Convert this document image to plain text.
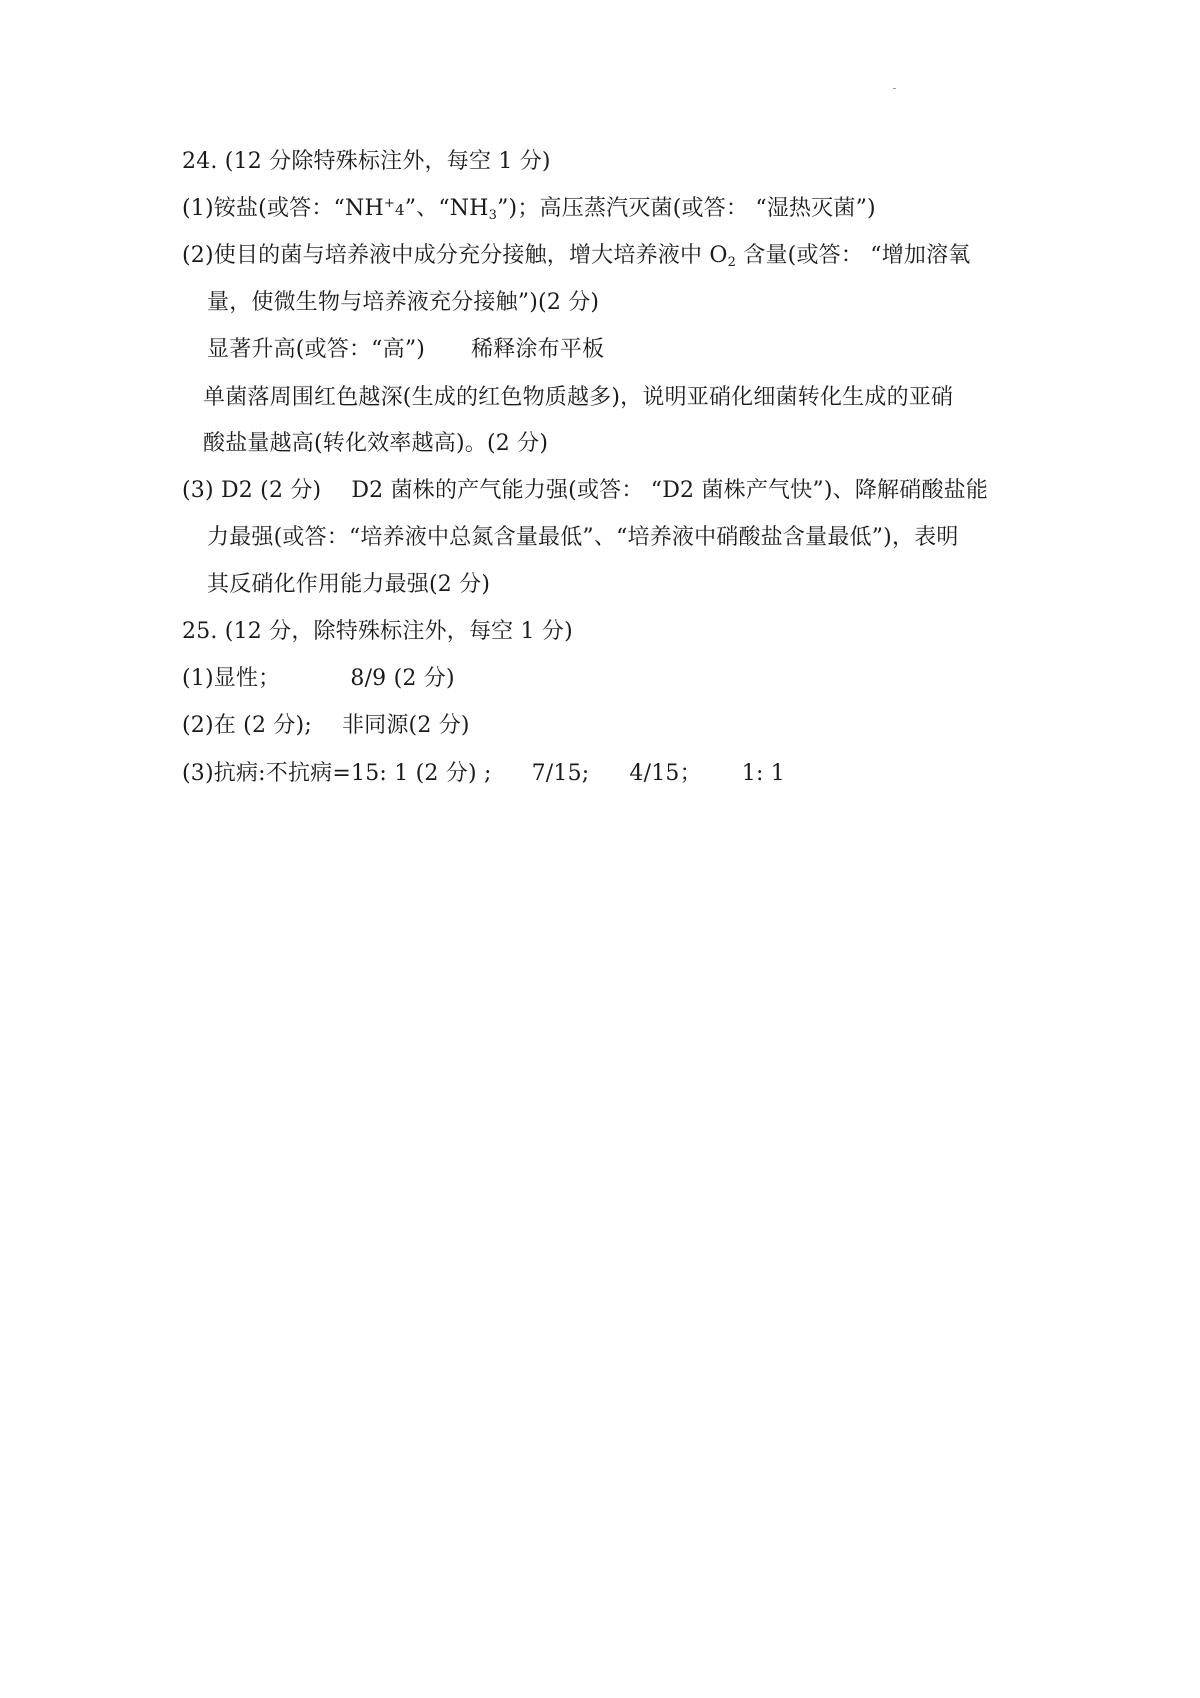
24. (12 分除特殊标注外，每空 1 分)
(1)铵盐(或答：“NH+4”、“$NH_3$”)；高压蒸汽灭菌(或答： “湿热灭菌”)
(2)使目的菌与培养液中成分充分接触，增大培养液中 $O_2$ 含量(或答： “增加溶氧
量，使微生物与培养液充分接触”)(2 分)
显著升高(或答：“高”) 稀释涂布平板
单菌落周围红色越深(生成的红色物质越多)，说明亚硝化细菌转化生成的亚硝
酸盐量越高(转化效率越高)。(2 分)
(3) D2 (2 分) D2 菌株的产气能力强(或答： “D2 菌株产气快”)、降解硝酸盐能
力最强(或答：“培养液中总氮含量最低”、“培养液中硝酸盐含量最低”)，表明
其反硝化作用能力最强(2 分)
25. (12 分，除特殊标注外，每空 1 分)
(1)显性；	8/9 (2 分)
(2)在 (2 分); 非同源(2 分)
(3)抗病:不抗病=15: 1 (2 分) ; 7/15; 4/15； 1: 1
